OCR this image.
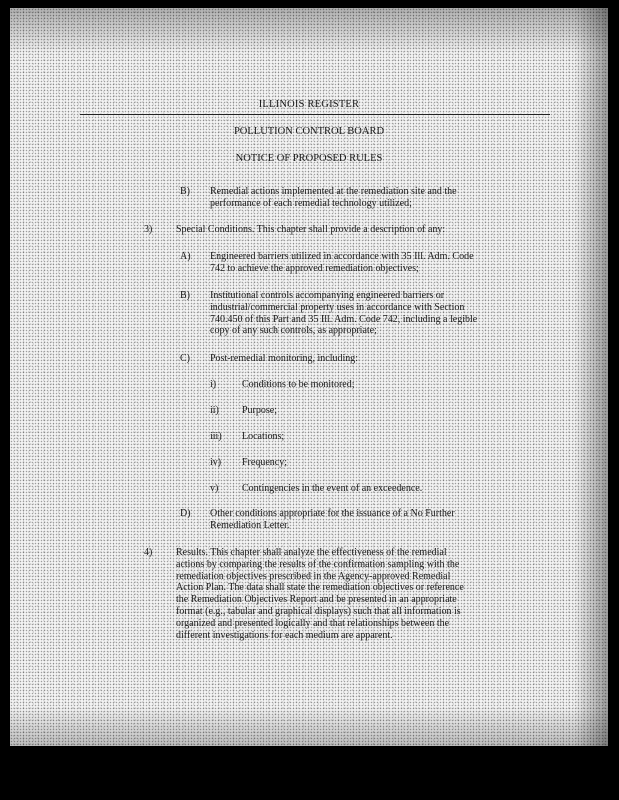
ILLINOIS REGISTER
POLLUTION CONTROL BOARD
NOTICE OF PROPOSED RULES
B) Remedial actions implemented at the remediation site and the

performance of each remedial technology utilized;

3) Special Conditions. This chapter shall provide a description of any:

A) Engineered barriers utilized in accordance with 35 Ill. Adm. Code

742 to achieve the approved remediation objectives;

B) Institutional controls accompanying engineered barriers or

industrial/commercial property uses in accordance with Section

740.450 of this Part and 35 Ill. Adm. Code 742, including a legible

copy of any such controls, as appropriate;

C) Post-remedial monitoring, including:

i)	Conditions to be monitored;

ii) Purpose;

iii) Locations;

iv) Frequency;

v) Contingencies in the event of an exceedence.

D) Other conditions appropriate for the issuance of a No Further

Remediation Letter.

4) Results. This chapter shall analyze the effectiveness of the remedial

actions by comparing the results of the confirmation sampling with the

remediation objectives prescribed in the Agency-approved Remedial

Action Plan. The data shall state the remediation objectives or reference

the Remediation Objectives Report and be presented in an appropriate

format (e.g., tabular and graphical displays) such that all information is

organized and presented logically and that relationships between the

different investigations for each medium are apparent.
